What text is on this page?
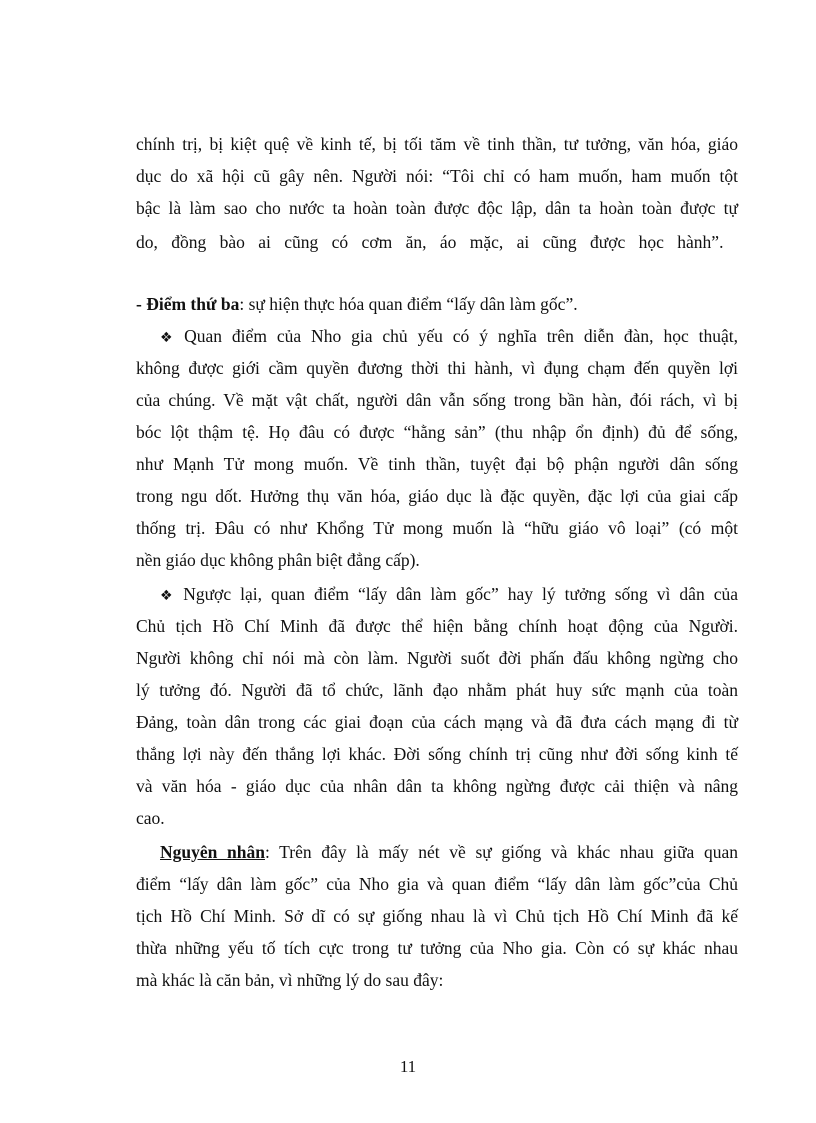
chính trị, bị kiệt quệ về kinh tế, bị tối tăm về tinh thần, tư tưởng, văn hóa, giáo
dục do xã hội cũ gây nên. Người nói: “Tôi chỉ có ham muốn, ham muốn tột
bậc là làm sao cho nước ta hoàn toàn được độc lập, dân ta hoàn toàn được tự
do, đồng bào ai cũng có cơm ăn, áo mặc, ai cũng được học hành”.
- Điểm thứ ba: sự hiện thực hóa quan điểm “lấy dân làm gốc”.
❖ Quan điểm của Nho gia chủ yếu có ý nghĩa trên diễn đàn, học thuật,
không được giới cầm quyền đương thời thi hành, vì đụng chạm đến quyền lợi
của chúng. Về mặt vật chất, người dân vẫn sống trong bần hàn, đói rách, vì bị
bóc lột thậm tệ. Họ đâu có được “hằng sản” (thu nhập ổn định) đủ để sống,
như Mạnh Tử mong muốn. Về tinh thần, tuyệt đại bộ phận người dân sống
trong ngu dốt. Hưởng thụ văn hóa, giáo dục là đặc quyền, đặc lợi của giai cấp
thống trị. Đâu có như Khổng Tử mong muốn là “hữu giáo vô loại” (có một
nền giáo dục không phân biệt đẳng cấp).
❖ Ngược lại, quan điểm “lấy dân làm gốc” hay lý tưởng sống vì dân của
Chủ tịch Hồ Chí Minh đã được thể hiện bằng chính hoạt động của Người.
Người không chỉ nói mà còn làm. Người suốt đời phấn đấu không ngừng cho
lý tưởng đó. Người đã tổ chức, lãnh đạo nhằm phát huy sức mạnh của toàn
Đảng, toàn dân trong các giai đoạn của cách mạng và đã đưa cách mạng đi từ
thắng lợi này đến thắng lợi khác. Đời sống chính trị cũng như đời sống kinh tế
và văn hóa - giáo dục của nhân dân ta không ngừng được cải thiện và nâng
cao.
Nguyên nhân: Trên đây là mấy nét về sự giống và khác nhau giữa quan
điểm “lấy dân làm gốc” của Nho gia và quan điểm “lấy dân làm gốc”của Chủ
tịch Hồ Chí Minh. Sở dĩ có sự giống nhau là vì Chủ tịch Hồ Chí Minh đã kế
thừa những yếu tố tích cực trong tư tưởng của Nho gia. Còn có sự khác nhau
mà khác là căn bản, vì những lý do sau đây:
11
